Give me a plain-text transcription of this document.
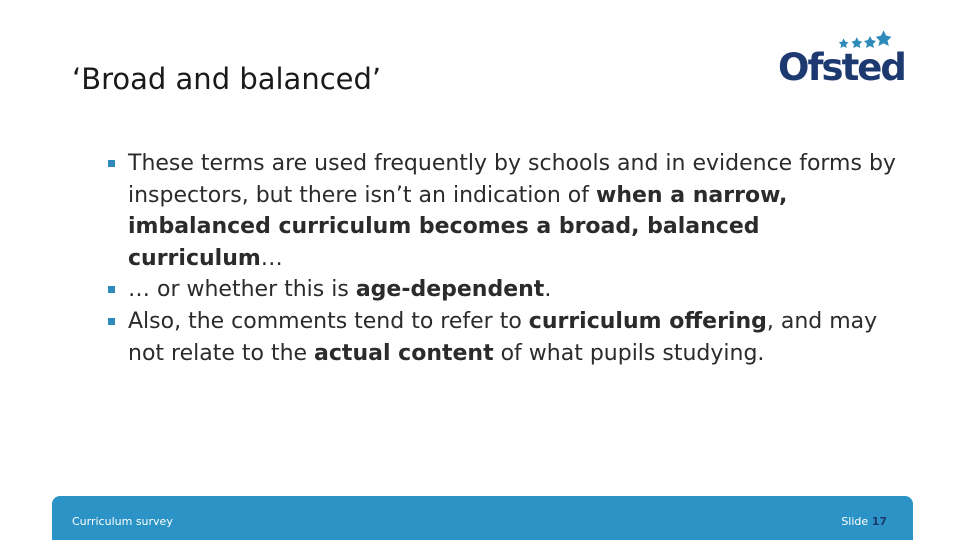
‘Broad and balanced’	Ofsted
These terms are used frequently by schools and in evidence forms by inspectors, but there isn’t an indication of when a narrow, imbalanced curriculum becomes a broad, balanced curriculum…
… or whether this is age-dependent.
Also, the comments tend to refer to curriculum offering, and may not relate to the actual content of what pupils studying.
Curriculum survey	Slide 17
